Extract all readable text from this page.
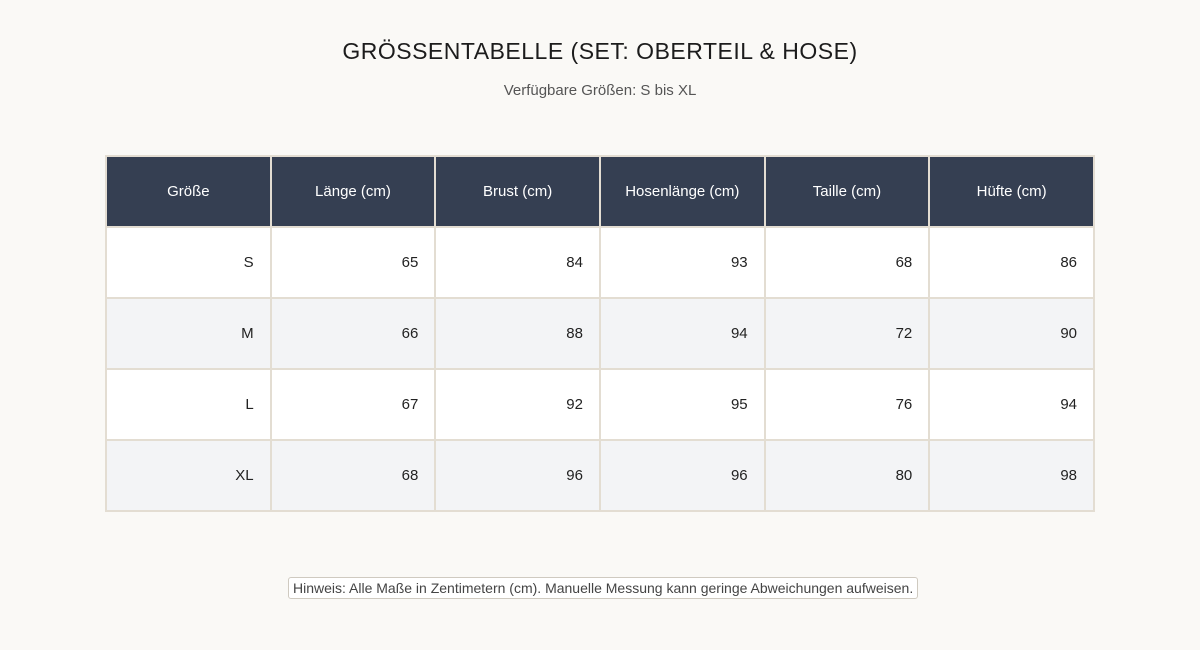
GRÖSSENTABELLE (SET: OBERTEIL & HOSE)
Verfügbare Größen: S bis XL
Größe	Länge (cm)	Brust (cm)	Hosenlänge (cm)	Taille (cm)	Hüfte (cm)
S	65	84	93	68	86
M	66	88	94	72	90
L	67	92	95	76	94
XL	68	96	96	80	98
Hinweis: Alle Maße in Zentimetern (cm). Manuelle Messung kann geringe Abweichungen aufweisen.
